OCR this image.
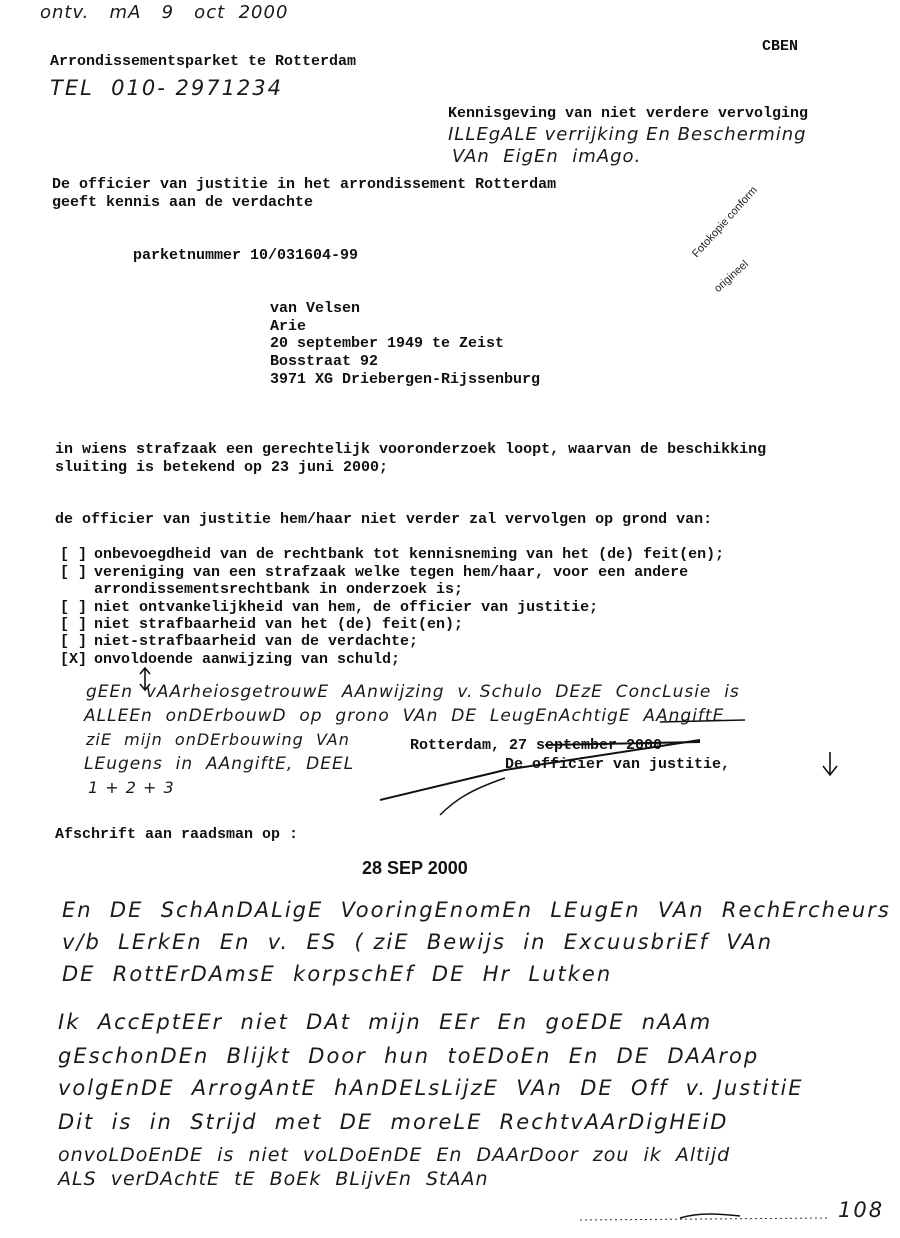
ontv.   mA   9   oct  2000
CBEN
Arrondissementsparket te Rotterdam
TEL  010- 2971234
Kennisgeving van niet verdere vervolging
ILLEgALE verrijking En Bescherming
VAn  EigEn  imAgo.
De officier van justitie in het arrondissement Rotterdam
geeft kennis aan de verdachte	Fotokopie conform
origineel
parketnummer 10/031604-99
van Velsen
Arie
20 september 1949 te Zeist
Bosstraat 92
3971 XG Driebergen-Rijssenburg
in wiens strafzaak een gerechtelijk vooronderzoek loopt, waarvan de beschikking
sluiting is betekend op 23 juni 2000;
de officier van justitie hem/haar niet verder zal vervolgen op grond van:
[ ] onbevoegdheid van de rechtbank tot kennisneming van het (de) feit(en);
[ ] vereniging van een strafzaak welke tegen hem/haar, voor een andere
arrondissementsrechtbank in onderzoek is;
[ ] niet ontvankelijkheid van hem, de officier van justitie;
[ ] niet strafbaarheid van het (de) feit(en);
[ ] niet-strafbaarheid van de verdachte;
[X] onvoldoende aanwijzing van schuld;
gEEn  vAArheiosgetrouwE  AAnwijzing  v. Schulo  DEzE  ConcLusie  is
ALLEEn  onDErbouwD  op  grono  VAn  DE  LeugEnAchtigE  AAngiftE
ziE  mijn  onDErbouwing  VAn
LEugens  in  AAngiftE,  DEEL
1 + 2 + 3
Rotterdam, 27 september 2000
De officier van justitie,
Afschrift aan raadsman op :
28 SEP 2000
En  DE  SchAnDALigE  VooringEnomEn  LEugEn  VAn  RechErcheurs
v/b  LErkEn  En  v.  ES  ( ziE  Bewijs  in  ExcuusbriEf  VAn
DE  RottErDAmsE  korpschEf  DE  Hr  Lutken
Ik  AccEptEEr  niet  DAt  mijn  EEr  En  goEDE  nAAm
gEschonDEn  Blijkt  Door  hun  toEDoEn  En  DE  DAArop
volgEnDE  ArrogAntE  hAnDELsLijzE  VAn  DE  Off  v. JustitiE
Dit  is  in  Strijd  met  DE  moreLE  RechtvAArDigHEiD
onvoLDoEnDE  is  niet  voLDoEnDE  En  DAArDoor  zou  ik  Altijd
ALS  verDAchtE  tE  BoEk  BLijvEn  StAAn
108
